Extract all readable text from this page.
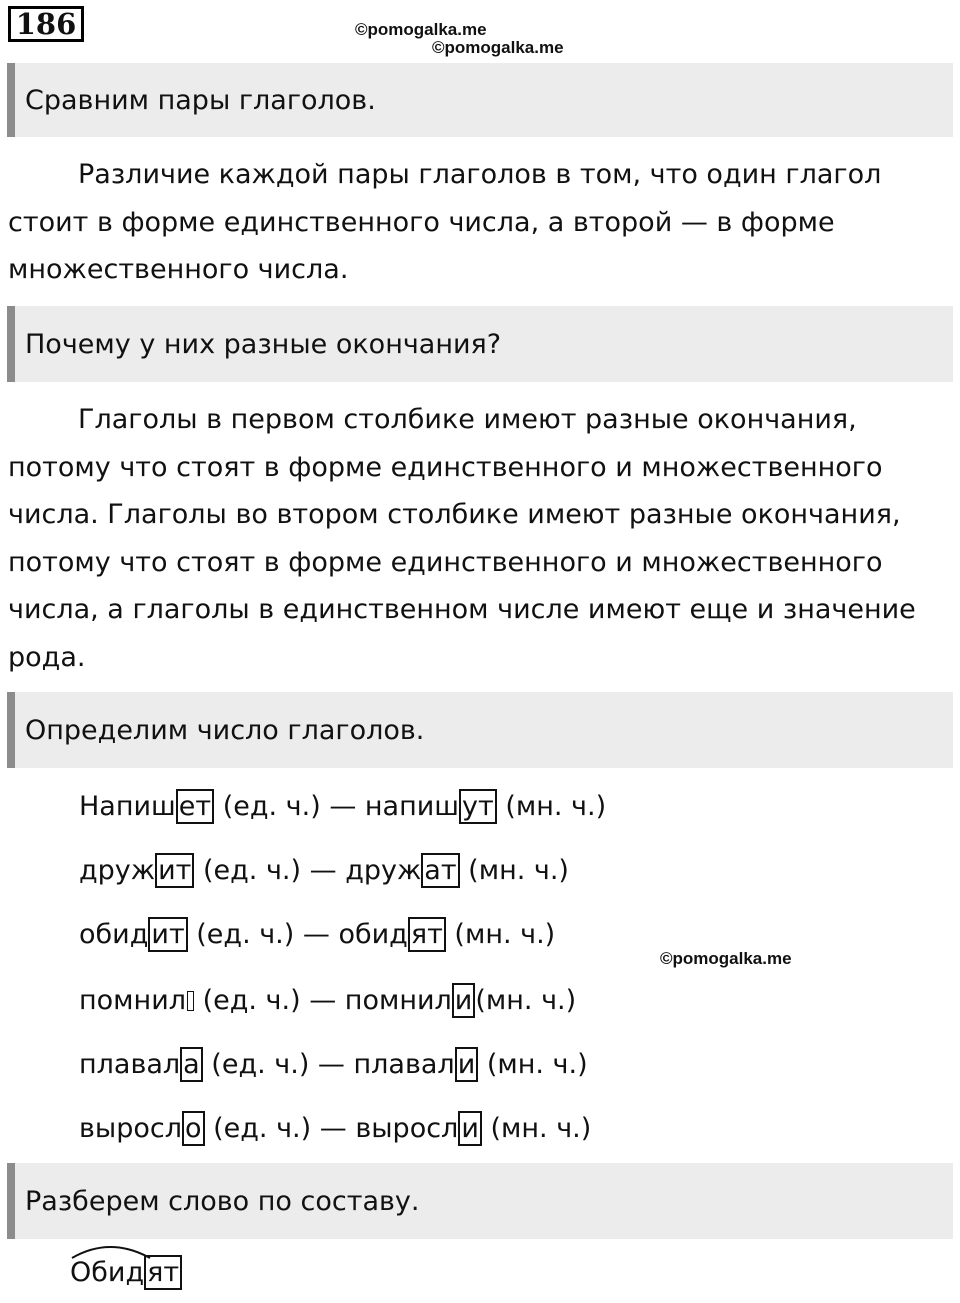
186	©pomogalka.me
©pomogalka.me
©pomogalka.me
Сравним пары глаголов.

Различие каждой пары глаголов в том, что один глагол стоит в форме единственного числа, а второй — в форме множественного числа.

Почему у них разные окончания?

Глаголы в первом столбике имеют разные окончания, потому что стоят в форме единственного и множественного числа. Глаголы во втором столбике имеют разные окончания, потому что стоят в форме единственного и множественного числа, а глаголы в единственном числе имеют еще и значение рода.

Определим число глаголов.
Напиш ет (ед. ч.) — напиш ут (мн. ч.)
друж ит (ед. ч.) — друж ат (мн. ч.)
обид ит (ед. ч.) — обид ят (мн. ч.)
помнил (ед. ч.) — помнил и (мн. ч.)
плавал а (ед. ч.) — плавал и (мн. ч.)
выросл о (ед. ч.) — выросл и (мн. ч.)
Разберем слово по составу.
Обид ят
